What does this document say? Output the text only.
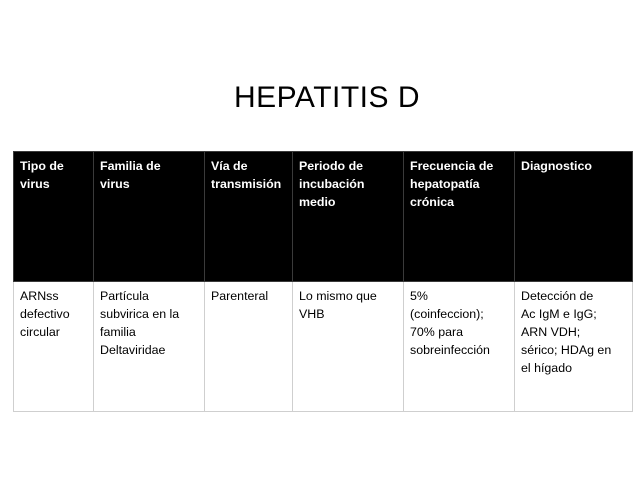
HEPATITIS D
Tipo de
virus	Familia de
virus	Vía de
transmisión	Periodo de
incubación
medio	Frecuencia de
hepatopatía
crónica	Diagnostico

ARNss
defectivo
circular	Partícula
subvirica en la
familia
Deltaviridae	Parenteral	Lo mismo que
VHB	5%
(coinfeccion);
70% para
sobreinfección	Detección de
Ac IgM e IgG;
ARN VDH;
sérico; HDAg en
el hígado
